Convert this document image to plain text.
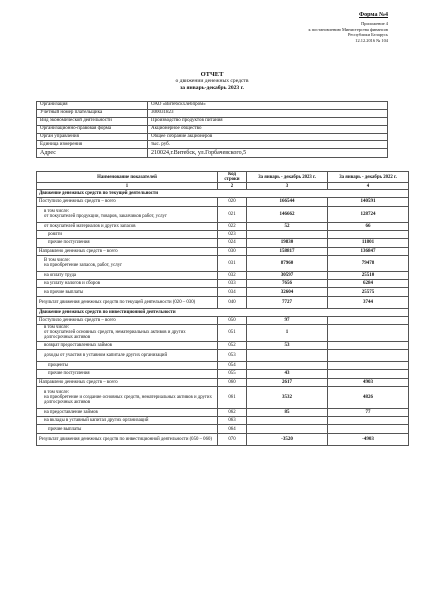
Форма №4
Приложение 4
к постановлению Министерства финансов
Республики Беларусь
12.12.2016 № 104
ОТЧЕТ
о движении денежных средств
за январь-декабрь 2023 г.
Организация	ОАО «Витебскхлебпром»
Учетный номер плательщика	300031823
Вид экономической деятельности	Производство продуктов питания
Организационно-правовая форма	Акционерное общество
Орган управления	Общее собрание акционеров
Единица измерения	тыс. руб.
Адрес	210024,г.Витебск, ул.Горбачевского,5
Наименование показателей	Код строки	За январь - декабрь 2023 г.	За январь - декабрь 2022 г.
1	2	3	4
Движение денежных средств по текущей деятельности			
Поступило денежных средств – всего	020	166544	140591
в том числе:
от покупателей продукции, товаров, заказчиков работ, услуг	021	146662	128724
от покупателей материалов и других запасов	022	52	66
роялти	023		
прочие поступления	024	19830	11801
Направлено денежных средств – всего	030	158817	136847
В том числе:
на приобретение запасов, работ, услуг	031	87960	79478
на оплату труда	032	30597	25510
на уплату налогов и сборов	033	7656	6284
на прочие выплаты	034	32604	25575
Результат движения денежных средств по текущей деятельности (020 – 030)	040	7727	3744
Движение денежных средств по инвестиционной деятельности			
Поступило денежных средств – всего	050	97	
в том числе:
от покупателей основных средств, нематериальных активов и других долгосрочных активов	051	1	
возврат предоставленных займов	052	53	
доходы от участия в уставном капитале других организаций	053		
проценты	054		
прочие поступления	055	43	
Направлено денежных средств – всего	060	2617	4903
в том числе:
на приобретение и создание основных средств, нематериальных активов и других долгосрочных активов	061	3532	4826
на предоставление займов	062	85	77
на вклады в уставный капитал других организаций	063		
прочие выплаты	064		
Результат движения денежных средств по инвестиционной деятельности (050 – 060)	070	-3520	-4903
